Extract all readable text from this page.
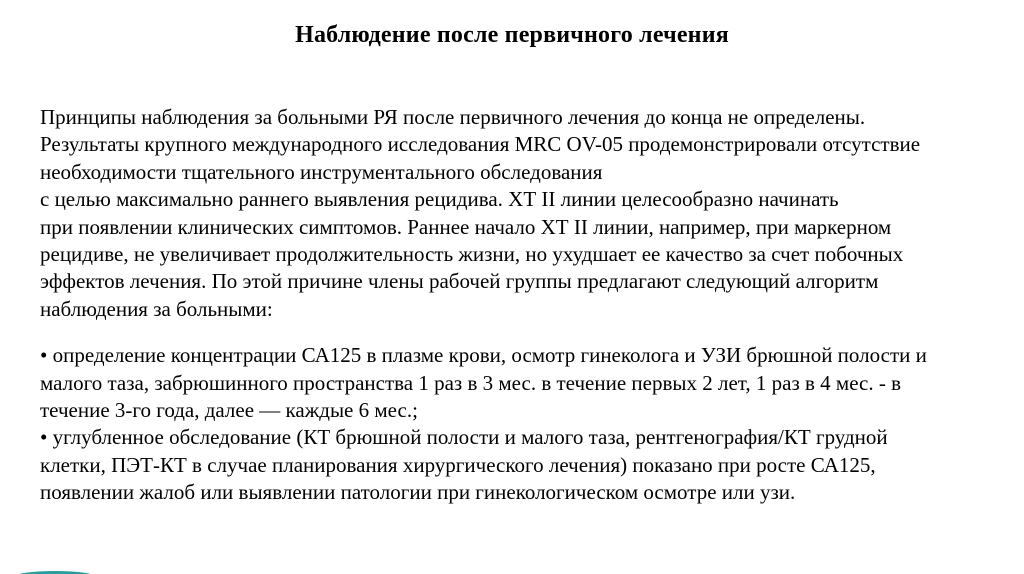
Наблюдение после первичного лечения
Принципы наблюдения за больными РЯ после первичного лечения до конца не определены.
Результаты крупного международного исследования MRC OV-05 продемонстрировали отсутствие
необходимости тщательного инструментального обследования
с целью максимально раннего выявления рецидива. ХТ II линии целесообразно начинать
при появлении клинических симптомов. Раннее начало ХТ II линии, например, при маркерном
рецидиве, не увеличивает продолжительность жизни, но ухудшает ее качество за счет побочных
эффектов лечения. По этой причине члены рабочей группы предлагают следующий алгоритм
наблюдения за больными:
• определение концентрации СА125 в плазме крови, осмотр гинеколога и УЗИ брюшной полости и
малого таза, забрюшинного пространства 1 раз в 3 мес. в течение первых 2 лет, 1 раз в 4 мес. - в
течение 3-го года, далее — каждые 6 мес.;
• углубленное обследование (КТ брюшной полости и малого таза, рентгенография/КТ грудной
клетки, ПЭТ-КТ в случае планирования хирургического лечения) показано при росте СА125,
появлении жалоб или выявлении патологии при гинекологическом осмотре или узи.
